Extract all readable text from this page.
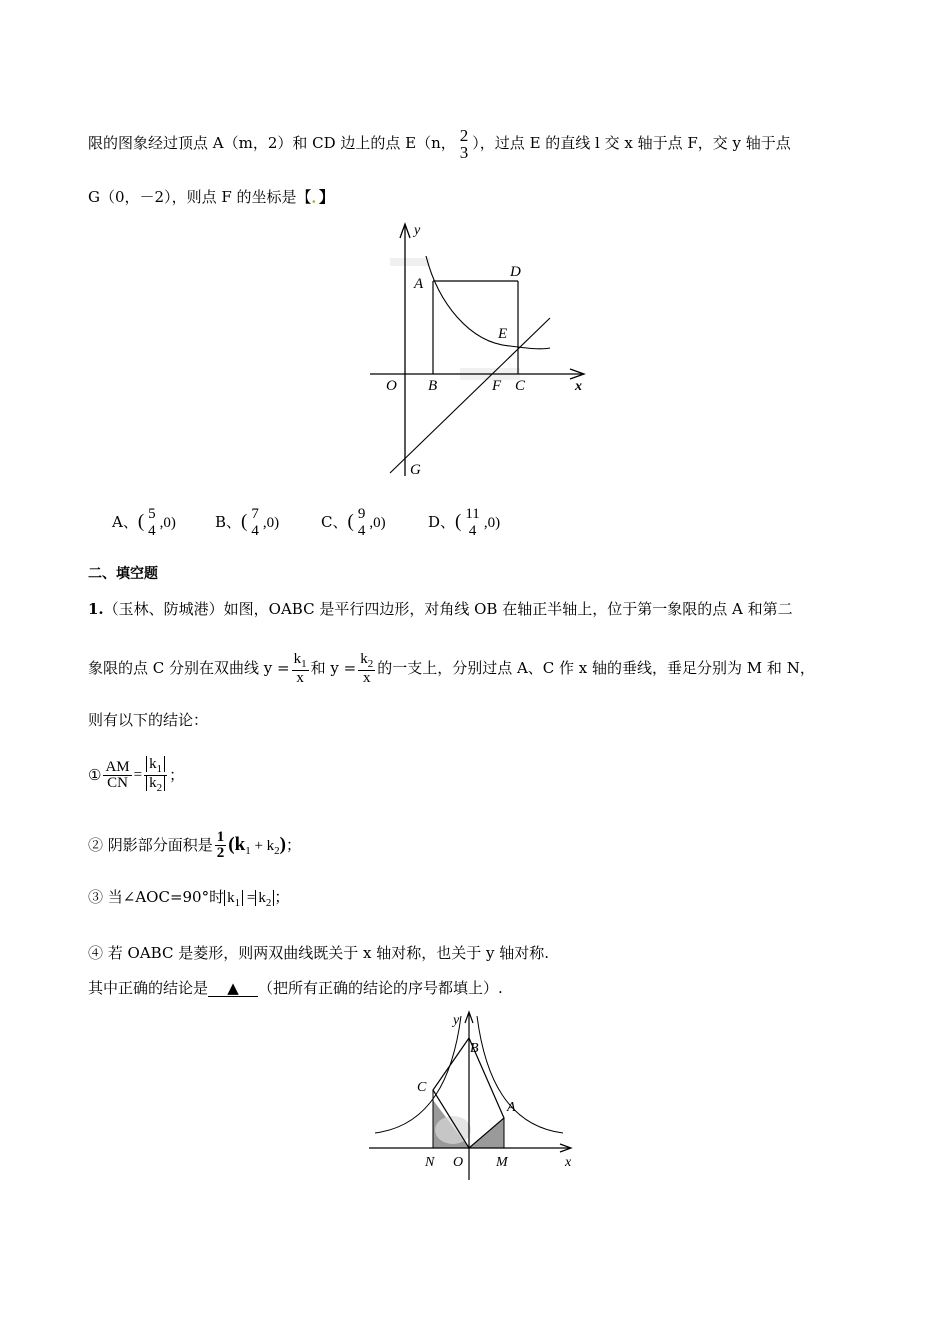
限的图象经过顶点 A（m，2）和 CD 边上的点 E（n， 2
3 ），过点 E 的直线 l 交 x 轴于点 F，交 y 轴于点
G（0，－2），则点 F 的坐标是【．】
y
x
O
A
B	C
D
E
F
G
A、( 5
4 ,0)	B、( 7
4 ,0)	C、( 9
4 ,0)	D、( 11
4 ,0)
二、填空题
1.（玉林、防城港）如图，OABC 是平行四边形，对角线 OB 在轴正半轴上，位于第一象限的点 A 和第二
象限的点 C 分别在双曲线 $y = \frac{k_1}{x}$ 和 $y = \frac{k_2}{x}$ 的一支上，分别过点 A、C 作 x 轴的垂线，垂足分别为 M 和 N，
则有以下的结论：
① $\frac{AM}{CN} = \frac{k_1}{k_2}$ ；
② 阴影部分面积是 $\frac{1}{2} (k_1 + k_2)$；
③ 当∠AOC=90°时 $k_1 = k_2$ ；
④ 若 OABC 是菱形，则两双曲线既关于 x 轴对称，也关于 y 轴对称.
其中正确的结论是 ▲ （把所有正确的结论的序号都填上）.
y
x
O
B
C
A
N	M
